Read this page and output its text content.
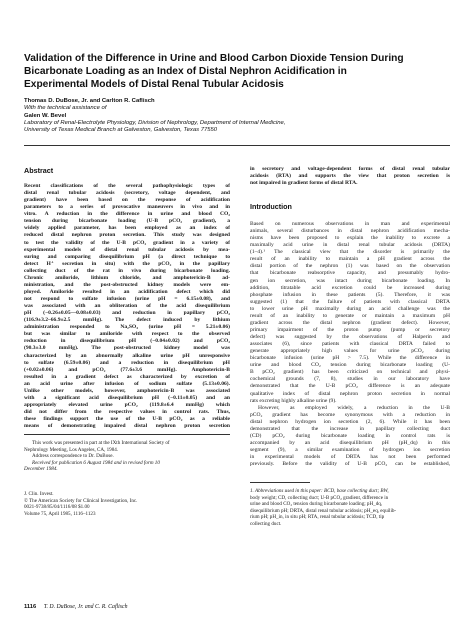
Validation of the Difference in Urine and Blood Carbon Dioxide Tension During
Bicarbonate Loading as an Index of Distal Nephron Acidification in
Experimental Models of Distal Renal Tubular Acidosis
Thomas D. DuBose, Jr. and Carlton R. Caflisch
With the technical assistance of
Galen W. Bevel
Laboratory of Renal-Electrolyte Physiology, Division of Nephrology, Department of Internal Medicine,
University of Texas Medical Branch at Galveston, Galveston, Texas 77550
Abstract
Recent classifications of the several pathophysiologic types of
distal renal tubular acidosis (secretory, voltage dependent, and
gradient) have been based on the response of acidification
parameters to a series of provocative maneuvers in vivo and in
vitro. A reduction in the difference in urine and blood CO₂
tension during bicarbonate loading (U-B pCO₂ gradient), a
widely applied parameter, has been employed as an index of
reduced distal nephron proton secretion. This study was designed
to test the validity of the U-B pCO₂ gradient in a variety of
experimental models of distal renal tubular acidosis by mea-
suring and comparing disequilibrium pH (a direct technique to
detect H⁺ secretion in situ) with the pCO₂ in the papillary
collecting duct of the rat in vivo during bicarbonate loading.
Chronic amiloride, lithium chloride, and amphotericin-B ad-
ministration, and the post-obstructed kidney models were em-
ployed. Amiloride resulted in an acidification defect which did
not respond to sulfate infusion (urine pH = 6.15±0.08), and
was associated with an obliteration of the acid disequilibrium
pH (−0.26±0.05—0.08±0.03) and reduction in papillary pCO₂
(116.9±3.2–66.9±2.5 mmHg). The defect induced by lithium
administration responded to Na₂SO₄ (urine pH = 5.21±0.06)
but was similar to amiloride with respect to the observed
reduction in disequilibrium pH (−0.04±0.02) and pCO₂
(90.3±3.0 mmHg). The post-obstructed kidney model was
characterized by an abnormally alkaline urine pH unresponsive
to sulfate (6.59±0.06) and a reduction in disequilibrium pH
(+0.02±0.06) and pCO₂ (77.6±3.6 mmHg). Amphotericin-B
resulted in a gradient defect as characterized by excretion of
an acid urine after infusion of sodium sulfate (5.13±0.06).
Unlike other models, however, amphotericin-B was associated
with a significant acid disequilibrium pH (−0.11±0.05) and an
appropriately elevated urine pCO₂ (119.8±6.4 mmHg) which
did not differ from the respective values in control rats. Thus,
these findings support the use of the U-B pCO₂ as a reliable
means of demonstrating impaired distal nephron proton secretion
This work was presented in part at the IXth International Society of
Nephrology Meeting, Los Angeles, CA, 1984.
Address correspondence to Dr. DuBose.
Received for publication 6 August 1984 and in revised form 10
December 1984.
J. Clin. Invest.
© The American Society for Clinical Investigation, Inc.
0021-9738/85/04/1116/08 $1.00
Volume 75, April 1985, 1116–1123
in secretory and voltage-dependent forms of distal renal tubular
acidosis (RTA) and supports the view that proton secretion is
not impaired in gradient forms of distal RTA.
Introduction
Based on numerous observations in man and experimental
animals, several disturbances in distal nephron acidification mecha-
nisms have been proposed to explain the inability to excrete a
maximally acid urine in distal renal tubular acidosis (DRTA)
(1–4).¹ The classical view that the disorder is primarily the
result of an inability to maintain a pH gradient across the
distal portion of the nephron (1) was based on the observation
that bicarbonate reabsorptive capacity, and presumably hydro-
gen ion secretion, was intact during bicarbonate loading. In
addition, titratable acid excretion could be increased during
phosphate infusion in these patients (5). Therefore, it was
suggested (1) that the failure of patients with classical DRTA
to lower urine pH maximally during an acid challenge was the
result of an inability to generate or maintain a maximum pH
gradient across the distal nephron (gradient defect). However,
primary impairment of the proton pump (pump or secretory
defect) was suggested by the observations of Halperin and
associates (6), since patients with classical DRTA failed to
generate appropriately high values for urine pCO₂ during
bicarbonate infusion (urine pH > 7.5). While the difference in
urine and blood CO₂ tension during bicarbonate loading (U-
B pCO₂ gradient) has been criticized on technical and physi-
cochemical grounds (7, 8), studies in our laboratory have
demonstrated that the U-B pCO₂ difference is an adequate
qualitative index of distal nephron proton secretion in normal
rats excreting highly alkaline urine (9).
However, as employed widely, a reduction in the U-B
pCO₂ gradient has become synonymous with a reduction in
distal nephron hydrogen ion secretion (2, 6). While it has been
demonstrated that the increase in papillary collecting duct
(CD) pCO₂ during bicarbonate loading in control rats is
accompanied by an acid disequilibrium pH (pH_dq) in this
segment (9), a similar examination of hydrogen ion secretion
in experimental models of DRTA has not been performed
previously. Before the validity of U-B pCO₂ can be established,
1. Abbreviations used in this paper: BCD, base collecting duct; BW,
body weight; CD, collecting duct; U-B pCO₂ gradient, difference in
urine and blood CO₂ tension during bicarbonate loading; pH_dq,
disequilibrium pH; DRTA, distal renal tubular acidosis; pH_eq, equilib-
rium pH; pH_in, in situ pH; RTA, renal tubular acidosis; TCD, tip
collecting duct.
1116 T. D. DuBose, Jr. and C. R. Caflisch
